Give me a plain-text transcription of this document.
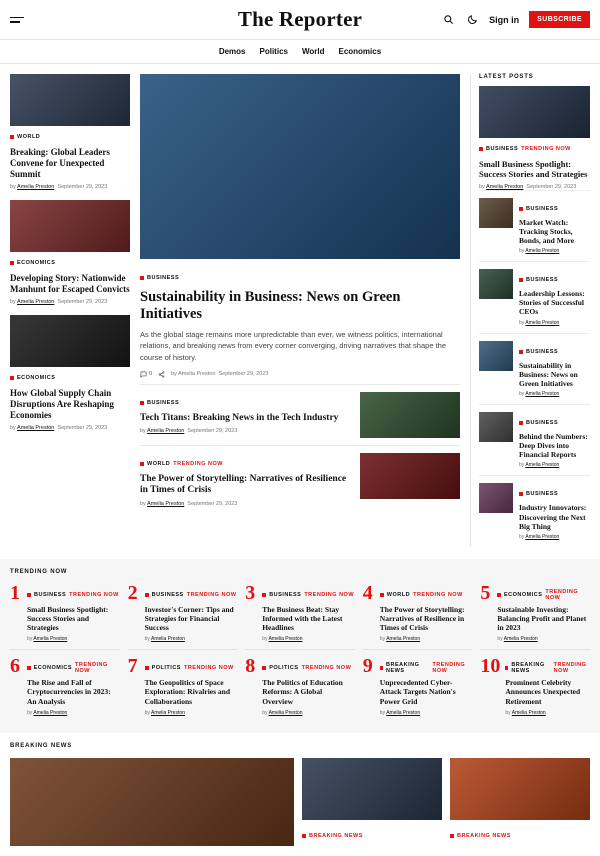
The Reporter	Sign in	SUBSCRIBE
Demos Politics World Economics
WORLD
Breaking: Global Leaders Convene for Unexpected Summit
by Amelia Preston September 29, 2023
ECONOMICS
Developing Story: Nationwide Manhunt for Escaped Convicts
by Amelia Preston September 29, 2023
ECONOMICS
How Global Supply Chain Disruptions Are Reshaping Economies
by Amelia Preston September 29, 2023
BUSINESS
Sustainability in Business: News on Green Initiatives
As the global stage remains more unpredictable than ever, we witness politics, international relations, and breaking news from every corner converging, driving narratives that shape the course of history.
0	by Amelia Preston September 29, 2023
BUSINESS
Tech Titans: Breaking News in the Tech Industry
by Amelia Preston September 29, 2023
WORLD TRENDING NOW
The Power of Storytelling: Narratives of Resilience in Times of Crisis
by Amelia Preston September 29, 2023
LATEST POSTS
BUSINESS TRENDING NOW
Small Business Spotlight: Success Stories and Strategies
by Amelia Preston September 29, 2023
BUSINESS
Market Watch: Tracking Stocks, Bonds, and More
by Amelia Preston
BUSINESS
Leadership Lessons: Stories of Successful CEOs
by Amelia Preston
BUSINESS
Sustainability in Business: News on Green Initiatives
by Amelia Preston
BUSINESS
Behind the Numbers: Deep Dives into Financial Reports
by Amelia Preston
BUSINESS
Industry Innovators: Discovering the Next Big Thing
by Amelia Preston
TRENDING NOW
1	BUSINESS TRENDING NOW
Small Business Spotlight: Success Stories and Strategies
by Amelia Preston
2	BUSINESS TRENDING NOW
Investor's Corner: Tips and Strategies for Financial Success
by Amelia Preston
3	BUSINESS TRENDING NOW
The Business Beat: Stay Informed with the Latest Headlines
by Amelia Preston
4	WORLD TRENDING NOW
The Power of Storytelling: Narratives of Resilience in Times of Crisis
by Amelia Preston
5	ECONOMICS TRENDING NOW
Sustainable Investing: Balancing Profit and Planet in 2023
by Amelia Preston
6	ECONOMICS TRENDING NOW
The Rise and Fall of Cryptocurrencies in 2023: An Analysis
by Amelia Preston
7	POLITICS TRENDING NOW
The Geopolitics of Space Exploration: Rivalries and Collaborations
by Amelia Preston
8	POLITICS TRENDING NOW
The Politics of Education Reforms: A Global Overview
by Amelia Preston
9	BREAKING NEWS
TRENDING NOW
Unprecedented Cyber-Attack Targets Nation's Power Grid
by Amelia Preston
10 BREAKING NEWS
TRENDING NOW
Prominent Celebrity Announces Unexpected Retirement
by Amelia Preston
BREAKING NEWS
BREAKING NEWS	BREAKING NEWS
